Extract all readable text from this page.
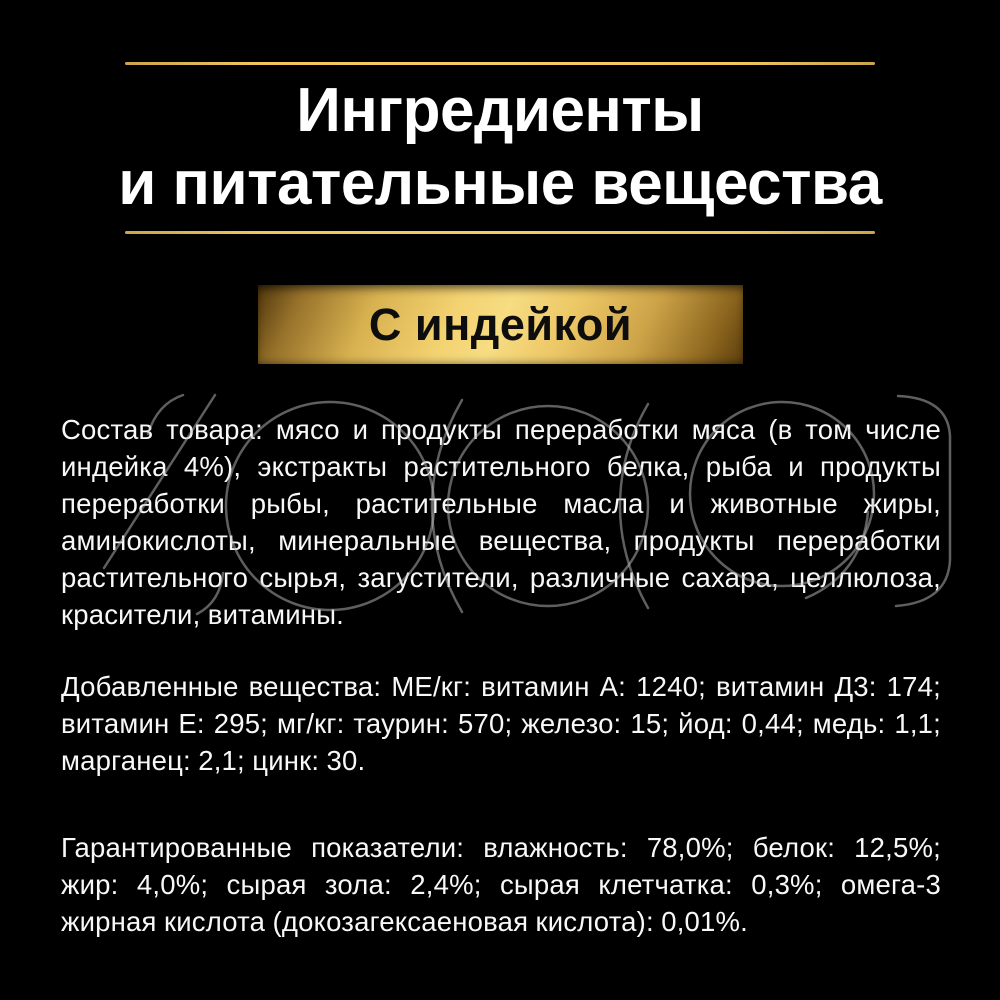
Ингредиенты
и питательные вещества
С индейкой

Состав товара: мясо и продукты переработки мяса (в том числе индейка 4%), экстракты растительного белка, рыба и продукты переработки рыбы, растительные масла и животные жиры, аминокислоты, минеральные вещества, продукты переработки растительного сырья, загустители, различные сахара, целлюлоза, красители, витамины.

Добавленные вещества: МЕ/кг: витамин А: 1240; витамин Д3: 174; витамин Е: 295; мг/кг: таурин: 570; железо: 15; йод: 0,44; медь: 1,1; марганец: 2,1; цинк: 30.

Гарантированные показатели: влажность: 78,0%; белок: 12,5%; жир: 4,0%; сырая зола: 2,4%; сырая клетчатка: 0,3%; омега-3 жирная кислота (докозагексаеновая кислота): 0,01%.
